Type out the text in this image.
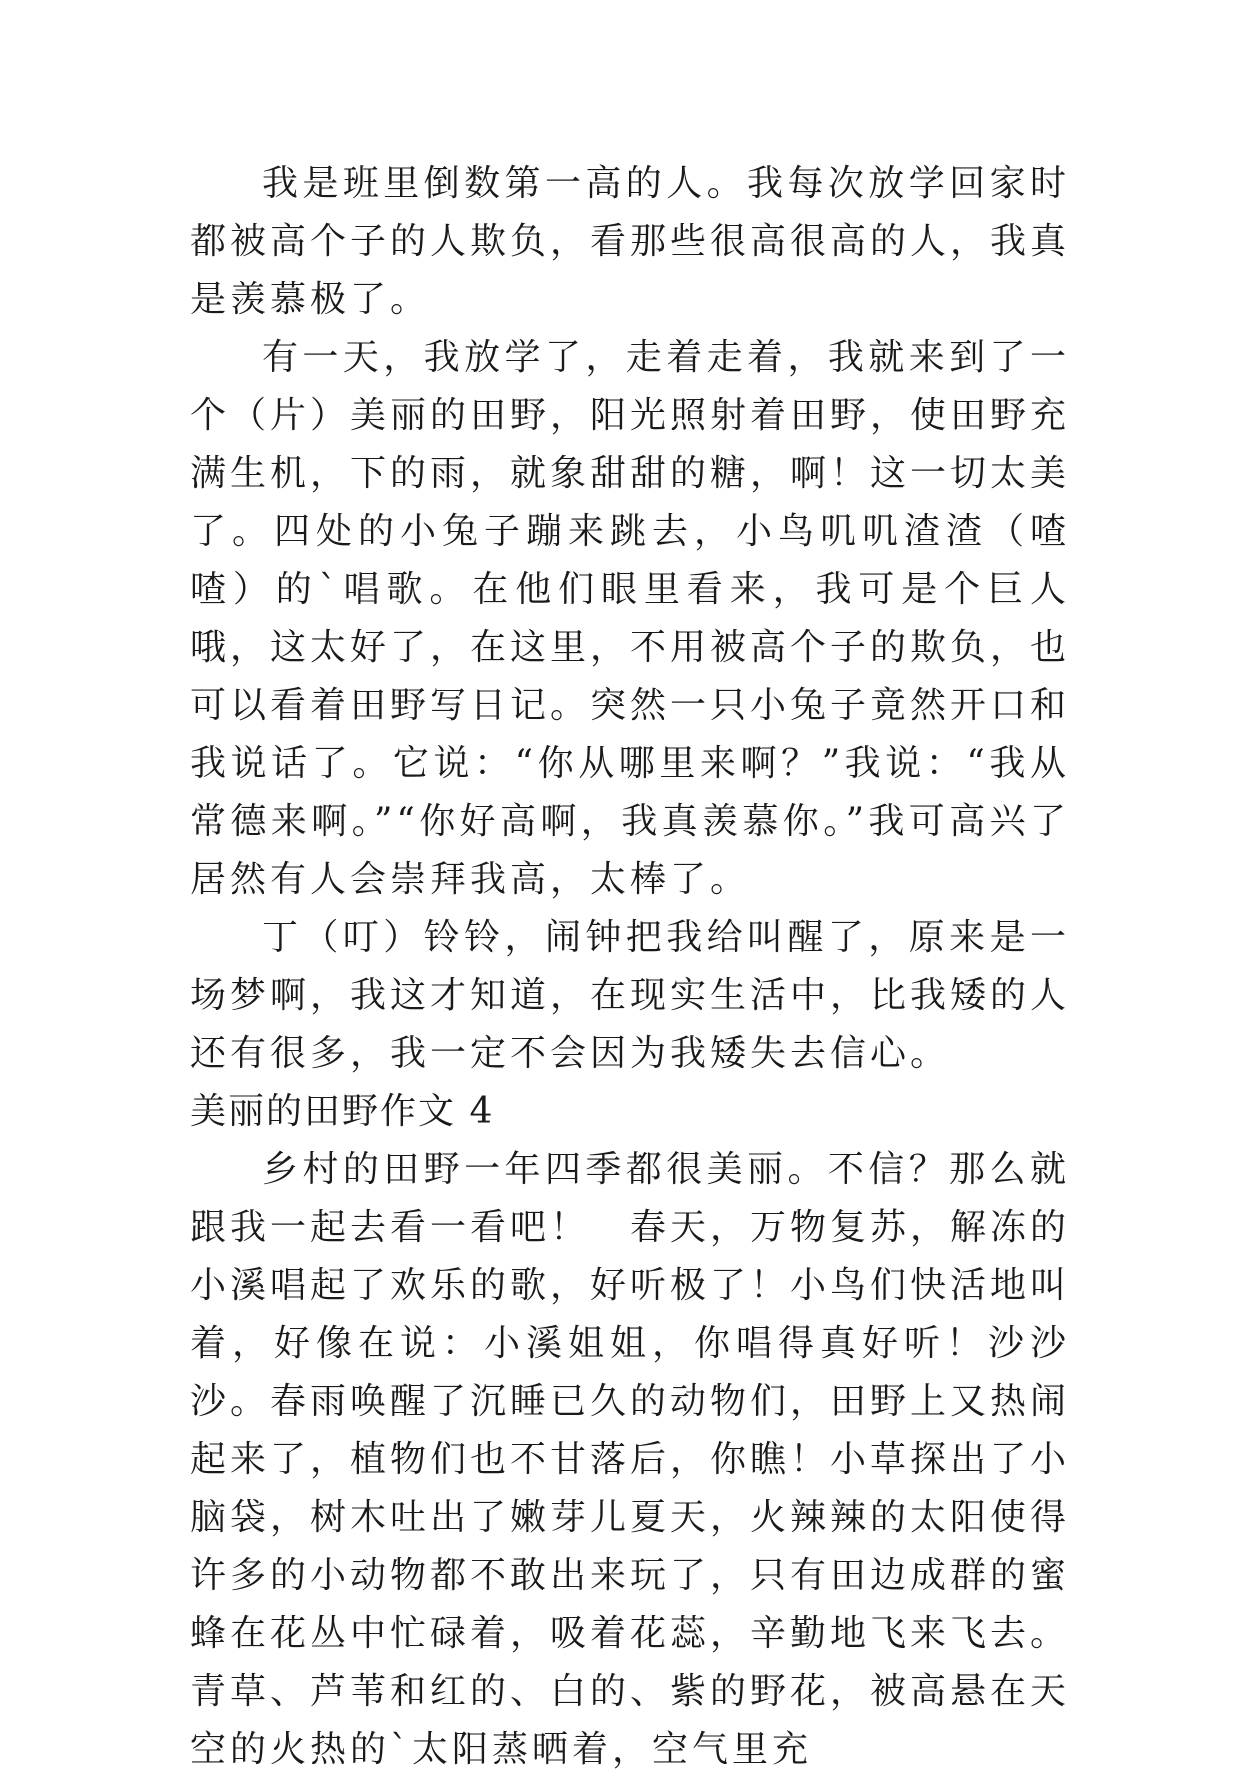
我是班里倒数第一高的人。我每次放学回家时都被高个子的人欺负，看那些很高很高的人，我真是羡慕极了。

有一天，我放学了，走着走着，我就来到了一个（片）美丽的田野，阳光照射着田野，使田野充满生机，下的雨，就象甜甜的糖，啊！这一切太美了。四处的小兔子蹦来跳去，小鸟叽叽渣渣（喳喳）的`唱歌。在他们眼里看来，我可是个巨人哦，这太好了，在这里，不用被高个子的欺负，也可以看着田野写日记。突然一只小兔子竟然开口和我说话了。它说：“你从哪里来啊？”我说：“我从常德来啊。”“你好高啊，我真羡慕你。”我可高兴了居然有人会崇拜我高，太棒了。

丁（叮）铃铃，闹钟把我给叫醒了，原来是一场梦啊，我这才知道，在现实生活中，比我矮的人还有很多，我一定不会因为我矮失去信心。

美丽的田野作文 4

乡村的田野一年四季都很美丽。不信？那么就跟我一起去看一看吧！　春天，万物复苏，解冻的小溪唱起了欢乐的歌，好听极了！小鸟们快活地叫着，好像在说：小溪姐姐，你唱得真好听！沙沙沙。春雨唤醒了沉睡已久的动物们，田野上又热闹起来了，植物们也不甘落后，你瞧！小草探出了小脑袋，树木吐出了嫩芽儿夏天，火辣辣的太阳使得许多的小动物都不敢出来玩了，只有田边成群的蜜蜂在花丛中忙碌着，吸着花蕊，辛勤地飞来飞去。青草、芦苇和红的、白的、紫的野花，被高悬在天空的火热的`太阳蒸晒着，空气里充
